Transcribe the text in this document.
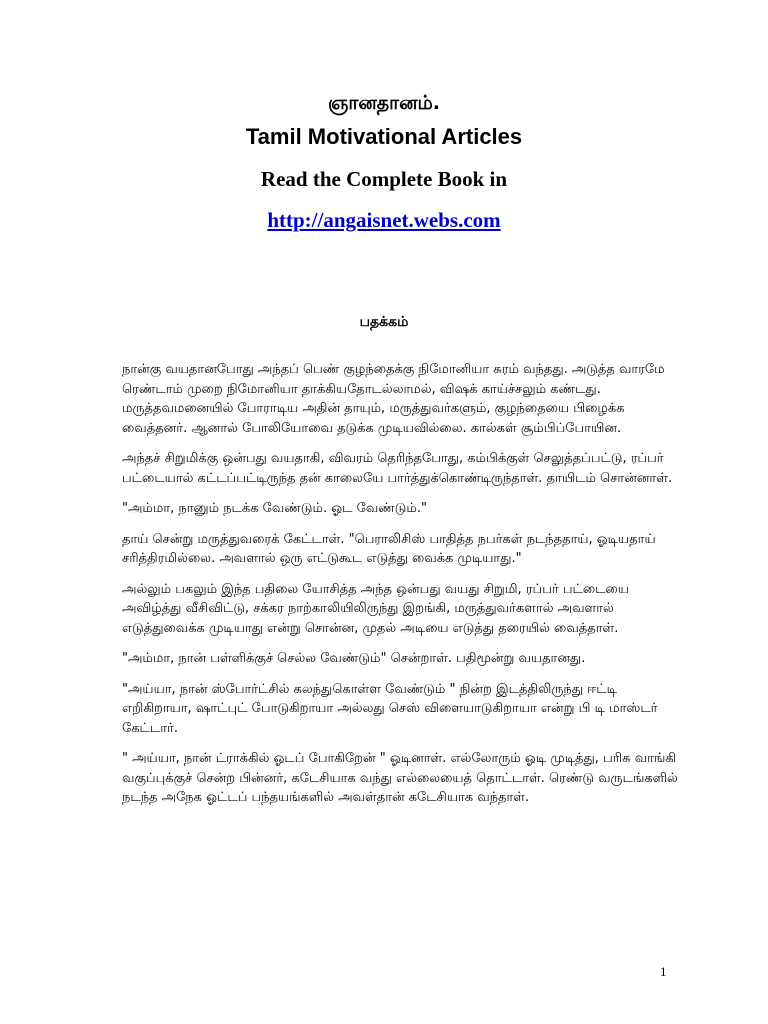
ஞானதானம்.
Tamil Motivational Articles
Read the Complete Book in
http://angaisnet.webs.com
பதக்கம்

நான்கு வயதானபோது அந்தப் பெண் குழந்தைக்கு நிமோனியா சுரம் வந்தது. அடுத்த வாரமே ரெண்டாம் முறை நிமோனியா தாக்கியதோடல்லாமல், விஷக் காய்ச்சலும் கண்டது. மருத்தவமனையில் போராடிய அதின் தாயும், மருத்துவர்களும், குழந்தையை பிழைக்க வைத்தனர். ஆனால் போலியோவை தடுக்க முடியவில்லை. கால்கள் சூம்பிப்போயின.

அந்தச் சிறுமிக்கு ஒன்பது வயதாகி, விவரம் தெரிந்தபோது, கம்பிக்குள் செலுத்தப்பட்டு, ரப்பர் பட்டையால் கட்டப்பட்டிருந்த தன் காலையே பார்த்துக்கொண்டிருந்தாள். தாயிடம் சொன்னாள்.

"அம்மா, நானும் நடக்க வேண்டும். ஓட வேண்டும்."

தாய் சென்று மருத்துவரைக் கேட்டாள். "பெராலிசிஸ் பாதித்த நபர்கள் நடந்ததாய், ஓடியதாய் சரித்திரமில்லை. அவளால் ஒரு எட்டுகூட எடுத்து வைக்க முடியாது."

அல்லும் பகலும் இந்த பதிலை யோசித்த அந்த ஒன்பது வயது சிறுமி, ரப்பர் பட்டையை அவிழ்த்து வீசிவிட்டு, சக்கர நாற்காலியிலிருந்து இறங்கி, மருத்துவர்களால் அவளால் எடுத்துவைக்க முடியாது என்று சொன்ன, முதல் அடியை எடுத்து தரையில் வைத்தாள்.

"அம்மா, நான் பள்ளிக்குச் செல்ல வேண்டும்" சென்றாள். பதிமூன்று வயதானது.

"அய்யா, நான் ஸ்போர்ட்சில் கலந்துகொள்ள வேண்டும் " நின்ற இடத்திலிருந்து ஈட்டி எறிகிறாயா, ஷாட்புட் போடுகிறாயா அல்லது செஸ் விளையாடுகிறாயா என்று பி டி மாஸ்டர் கேட்டார்.

" அய்யா, நான் ட்ராக்கில் ஓடப் போகிறேன் " ஓடினாள். எல்லோரும் ஓடி முடித்து, பரிசு வாங்கி வகுப்புக்குச் சென்ற பின்னர், கடேசியாக வந்து எல்லையைத் தொட்டாள். ரெண்டு வருடங்களில் நடந்த அநேக ஓட்டப் பந்தயங்களில் அவள்தான் கடேசியாக வந்தாள்.

1
